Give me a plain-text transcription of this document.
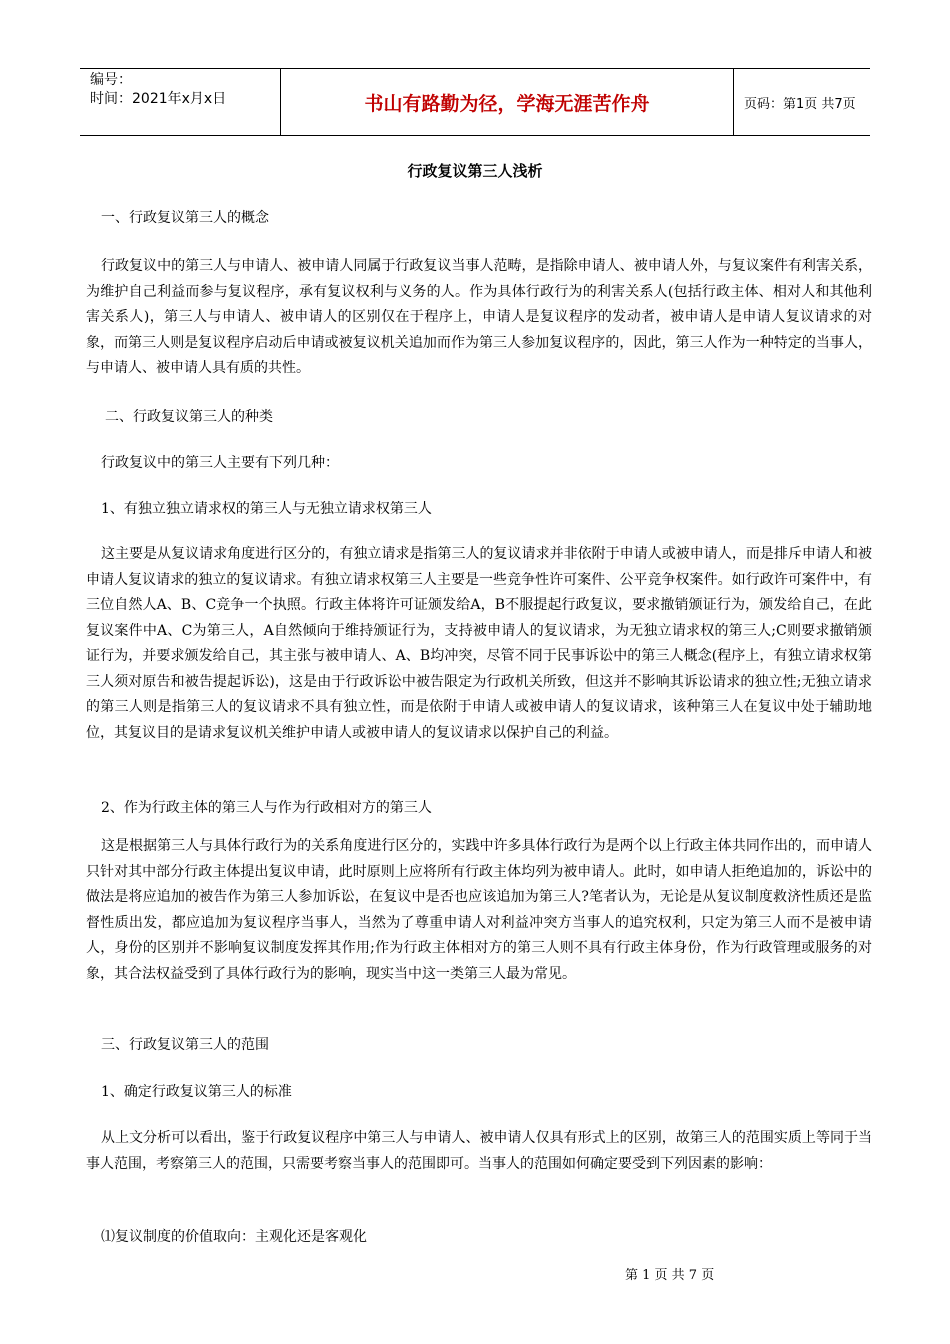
编号：
时间：2021年x月x日	书山有路勤为径，学海无涯苦作舟	页码：第1页 共7页
行政复议第三人浅析
一、行政复议第三人的概念

行政复议中的第三人与申请人、被申请人同属于行政复议当事人范畴，是指除申请人、被申请人外，与复议案件有利害关系，为维护自己利益而参与复议程序，承有复议权利与义务的人。作为具体行政行为的利害关系人(包括行政主体、相对人和其他利害关系人)，第三人与申请人、被申请人的区别仅在于程序上，申请人是复议程序的发动者，被申请人是申请人复议请求的对象，而第三人则是复议程序启动后申请或被复议机关追加而作为第三人参加复议程序的，因此，第三人作为一种特定的当事人，与申请人、被申请人具有质的共性。

二、行政复议第三人的种类
行政复议中的第三人主要有下列几种：
1、有独立独立请求权的第三人与无独立请求权第三人

这主要是从复议请求角度进行区分的，有独立请求是指第三人的复议请求并非依附于申请人或被申请人，而是排斥申请人和被申请人复议请求的独立的复议请求。有独立请求权第三人主要是一些竞争性许可案件、公平竞争权案件。如行政许可案件中，有三位自然人A、B、C竞争一个执照。行政主体将许可证颁发给A，B不服提起行政复议，要求撤销颁证行为，颁发给自己，在此复议案件中A、C为第三人，A自然倾向于维持颁证行为，支持被申请人的复议请求，为无独立请求权的第三人;C则要求撤销颁证行为，并要求颁发给自己，其主张与被申请人、A、B均冲突，尽管不同于民事诉讼中的第三人概念(程序上，有独立请求权第三人须对原告和被告提起诉讼)，这是由于行政诉讼中被告限定为行政机关所致，但这并不影响其诉讼请求的独立性;无独立请求的第三人则是指第三人的复议请求不具有独立性，而是依附于申请人或被申请人的复议请求，该种第三人在复议中处于辅助地位，其复议目的是请求复议机关维护申请人或被申请人的复议请求以保护自己的利益。

2、作为行政主体的第三人与作为行政相对方的第三人

这是根据第三人与具体行政行为的关系角度进行区分的，实践中许多具体行政行为是两个以上行政主体共同作出的，而申请人只针对其中部分行政主体提出复议申请，此时原则上应将所有行政主体均列为被申请人。此时，如申请人拒绝追加的，诉讼中的做法是将应追加的被告作为第三人参加诉讼，在复议中是否也应该追加为第三人?笔者认为，无论是从复议制度救济性质还是监督性质出发，都应追加为复议程序当事人，当然为了尊重申请人对利益冲突方当事人的追究权利，只定为第三人而不是被申请人，身份的区别并不影响复议制度发挥其作用;作为行政主体相对方的第三人则不具有行政主体身份，作为行政管理或服务的对象，其合法权益受到了具体行政行为的影响，现实当中这一类第三人最为常见。

三、行政复议第三人的范围
1、确定行政复议第三人的标准

从上文分析可以看出，鉴于行政复议程序中第三人与申请人、被申请人仅具有形式上的区别，故第三人的范围实质上等同于当事人范围，考察第三人的范围，只需要考察当事人的范围即可。当事人的范围如何确定要受到下列因素的影响：

⑴复议制度的价值取向：主观化还是客观化
第 1 页 共 7 页
